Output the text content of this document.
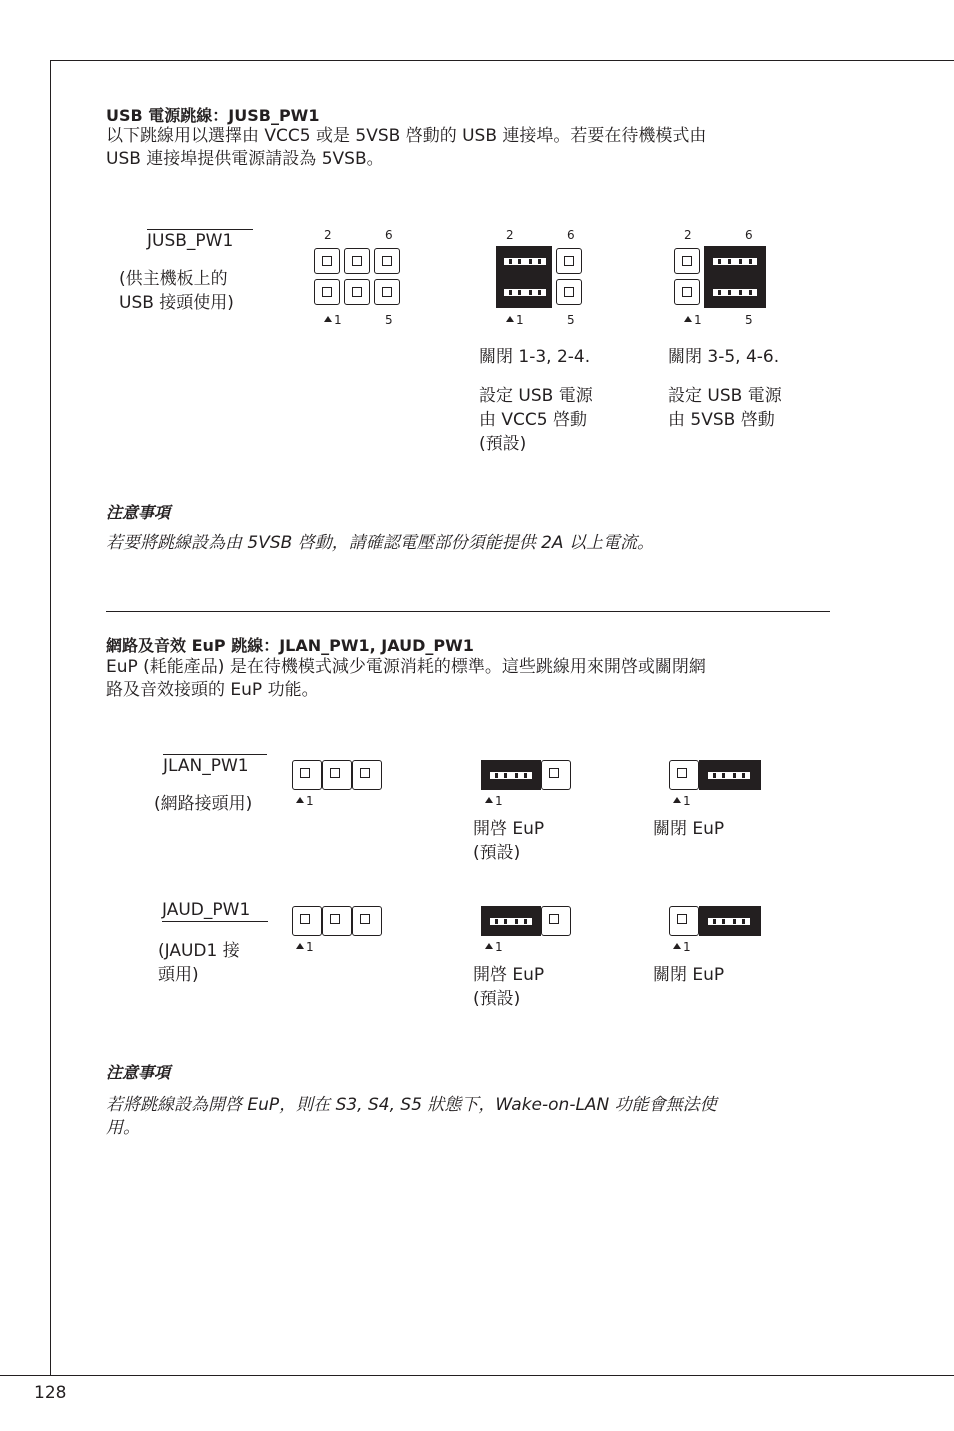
USB 電源跳線：JUSB_PW1
以下跳線用以選擇由 VCC5 或是 5VSB 啓動的 USB 連接埠。若要在待機模式由
USB 連接埠提供電源請設為 5VSB。
JUSB_PW1
(供主機板上的
USB 接頭使用)
2	6
1	5
2	6
1	5
2	6
1	5
關閉 1-3, 2-4.
設定 USB 電源
由 VCC5 啓動
(預設)
關閉 3-5, 4-6.
設定 USB 電源
由 5VSB 啓動
注意事項
若要將跳線設為由 5VSB 啓動，請確認電壓部份須能提供 2A 以上電流。
網路及音效 EuP 跳線：JLAN_PW1, JAUD_PW1
EuP (耗能產品) 是在待機模式減少電源消耗的標準。這些跳線用來開啓或關閉網
路及音效接頭的 EuP 功能。
JLAN_PW1
(網路接頭用)	1	1	1
開啓 EuP
(預設)
關閉 EuP
JAUD_PW1
(JAUD1 接
頭用)
1	1	1
開啓 EuP
(預設)
關閉 EuP
注意事項
若將跳線設為開啓 EuP，則在 S3, S4, S5 狀態下，Wake-on-LAN 功能會無法使
用。
128
